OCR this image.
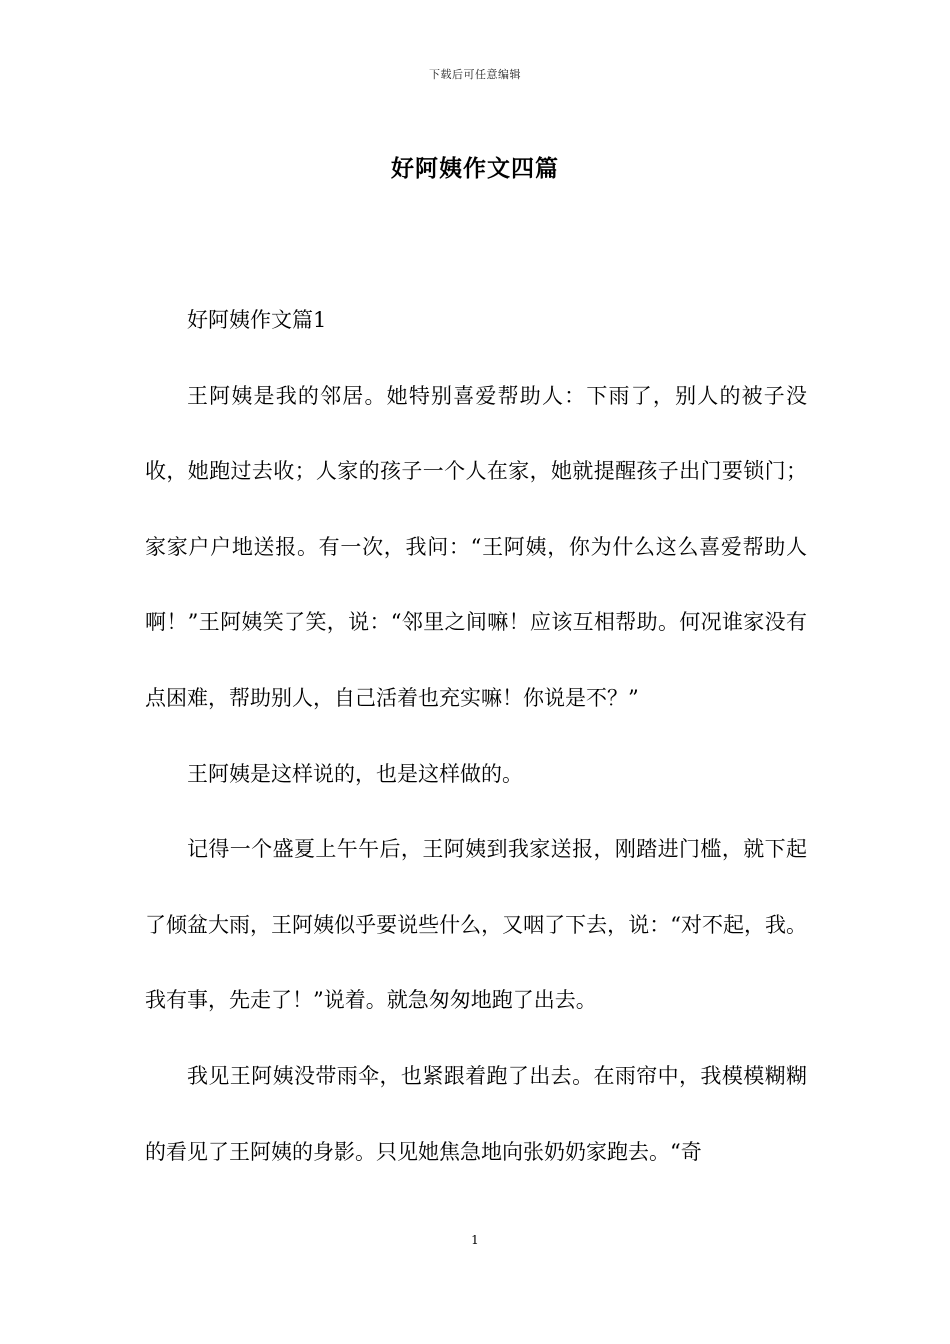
下载后可任意编辑
好阿姨作文四篇

好阿姨作文篇1

王阿姨是我的邻居。她特别喜爱帮助人：下雨了，别人的被子没收，她跑过去收；人家的孩子一个人在家，她就提醒孩子出门要锁门；家家户户地送报。有一次，我问：“王阿姨，你为什么这么喜爱帮助人啊！”王阿姨笑了笑，说：“邻里之间嘛！应该互相帮助。何况谁家没有点困难，帮助别人，自己活着也充实嘛！你说是不？”

王阿姨是这样说的，也是这样做的。

记得一个盛夏上午午后，王阿姨到我家送报，刚踏进门槛，就下起了倾盆大雨，王阿姨似乎要说些什么，又咽了下去，说：“对不起，我。我有事，先走了！”说着。就急匆匆地跑了出去。

我见王阿姨没带雨伞，也紧跟着跑了出去。在雨帘中，我模模糊糊的看见了王阿姨的身影。只见她焦急地向张奶奶家跑去。“奇

1
